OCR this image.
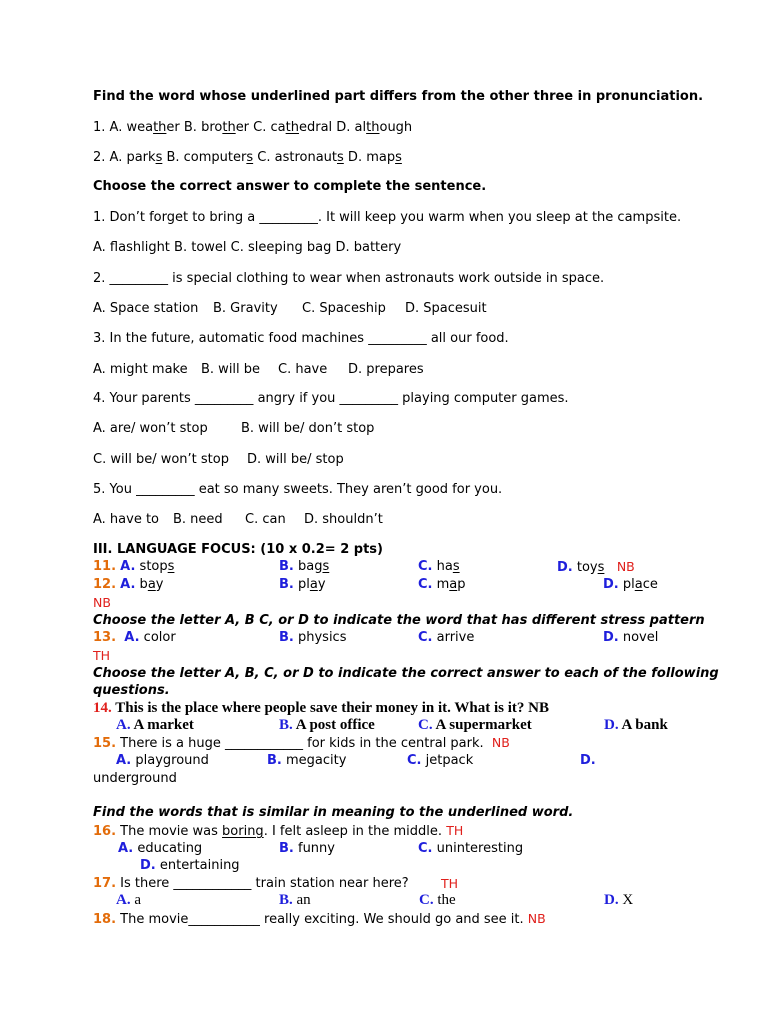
Find the word whose underlined part differs from the other three in pronunciation.
1. A. weather B. brother C. cathedral D. although
2. A. parks B. computers C. astronauts D. maps
Choose the correct answer to complete the sentence.
1. Don’t forget to bring a _________. It will keep you warm when you sleep at the campsite.
A. flashlight B. towel C. sleeping bag D. battery
2. _________ is special clothing to wear when astronauts work outside in space.
A. Space station B. Gravity C. Spaceship D. Spacesuit
3. In the future, automatic food machines _________ all our food.
A. might make B. will be C. have D. prepares
4. Your parents _________ angry if you _________ playing computer games.
A. are/ won’t stop	B. will be/ don’t stop
C. will be/ won’t stop D. will be/ stop
5. You _________ eat so many sweets. They aren’t good for you.
A. have to B. need C. can D. shouldn’t
III. LANGUAGE FOCUS: (10 x 0.2= 2 pts)
11. A. stops	B. bags	C. has	D. toys NB
12. A. bay	B. play	C. map	D. place
NB
Choose the letter A, B C, or D to indicate the word that has different stress pattern
13. A. color	B. physics	C. arrive	D. novel
TH
Choose the letter A, B, C, or D to indicate the correct answer to each of the following
questions.
14. This is the place where people save their money in it. What is it? NB
A. A market	B. A post office	C. A supermarket	D. A bank
15. There is a huge ____________ for kids in the central park. NB
A. playground	B. megacity	C. jetpack	D.
underground
Find the words that is similar in meaning to the underlined word.
16. The movie was boring. I felt asleep in the middle. TH
A. educating	B. funny	C. uninteresting
D. entertaining
17. Is there ____________ train station near here?	TH
A. a	B. an	C. the	D. X
18. The movie___________ really exciting. We should go and see it. NB
